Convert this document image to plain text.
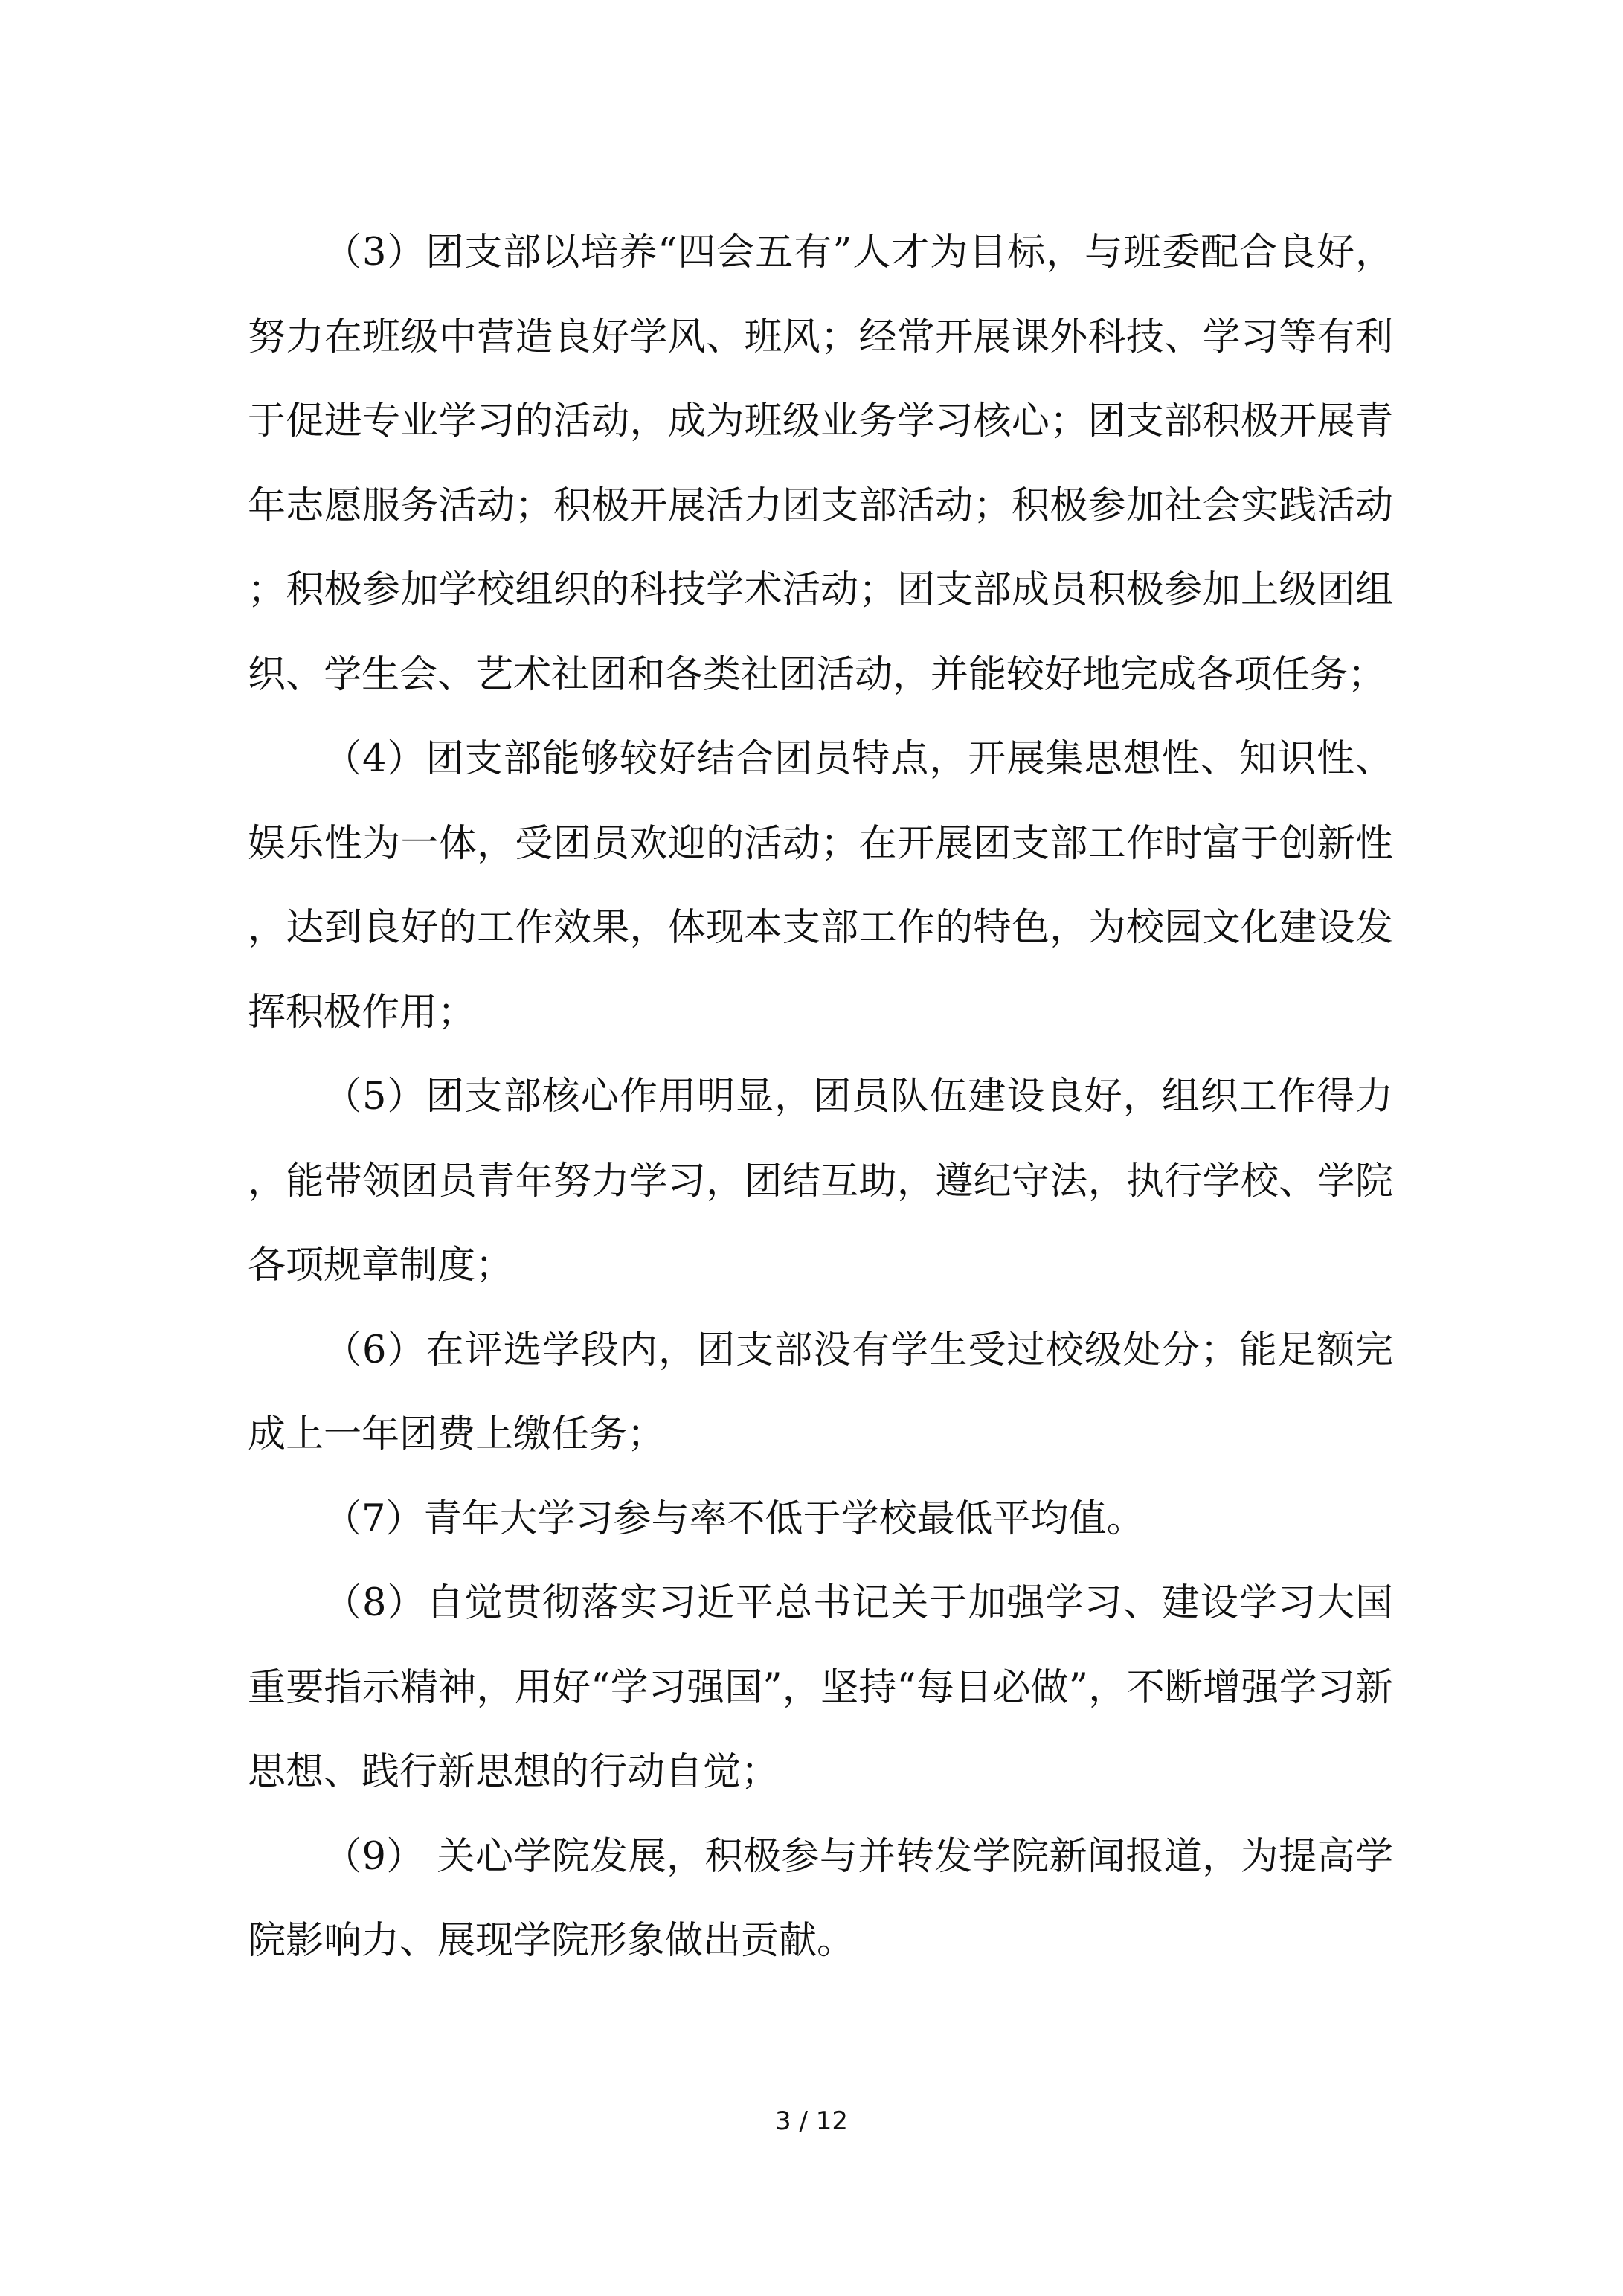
（3）团支部以培养“四会五有”人才为目标，与班委配合良好，努力在班级中营造良好学风、班风；经常开展课外科技、学习等有利于促进专业学习的活动，成为班级业务学习核心；团支部积极开展青年志愿服务活动；积极开展活力团支部活动；积极参加社会实践活动；积极参加学校组织的科技学术活动；团支部成员积极参加上级团组织、学生会、艺术社团和各类社团活动，并能较好地完成各项任务；

（4）团支部能够较好结合团员特点，开展集思想性、知识性、娱乐性为一体，受团员欢迎的活动；在开展团支部工作时富于创新性，达到良好的工作效果，体现本支部工作的特色，为校园文化建设发挥积极作用；

（5）团支部核心作用明显，团员队伍建设良好，组织工作得力，能带领团员青年努力学习，团结互助，遵纪守法，执行学校、学院各项规章制度；

（6）在评选学段内，团支部没有学生受过校级处分；能足额完成上一年团费上缴任务；

（7）青年大学习参与率不低于学校最低平均值。

（8）自觉贯彻落实习近平总书记关于加强学习、建设学习大国重要指示精神，用好“学习强国”，坚持“每日必做”，不断增强学习新思想、践行新思想的行动自觉；

（9） 关心学院发展，积极参与并转发学院新闻报道，为提高学院影响力、展现学院形象做出贡献。

3 / 12
